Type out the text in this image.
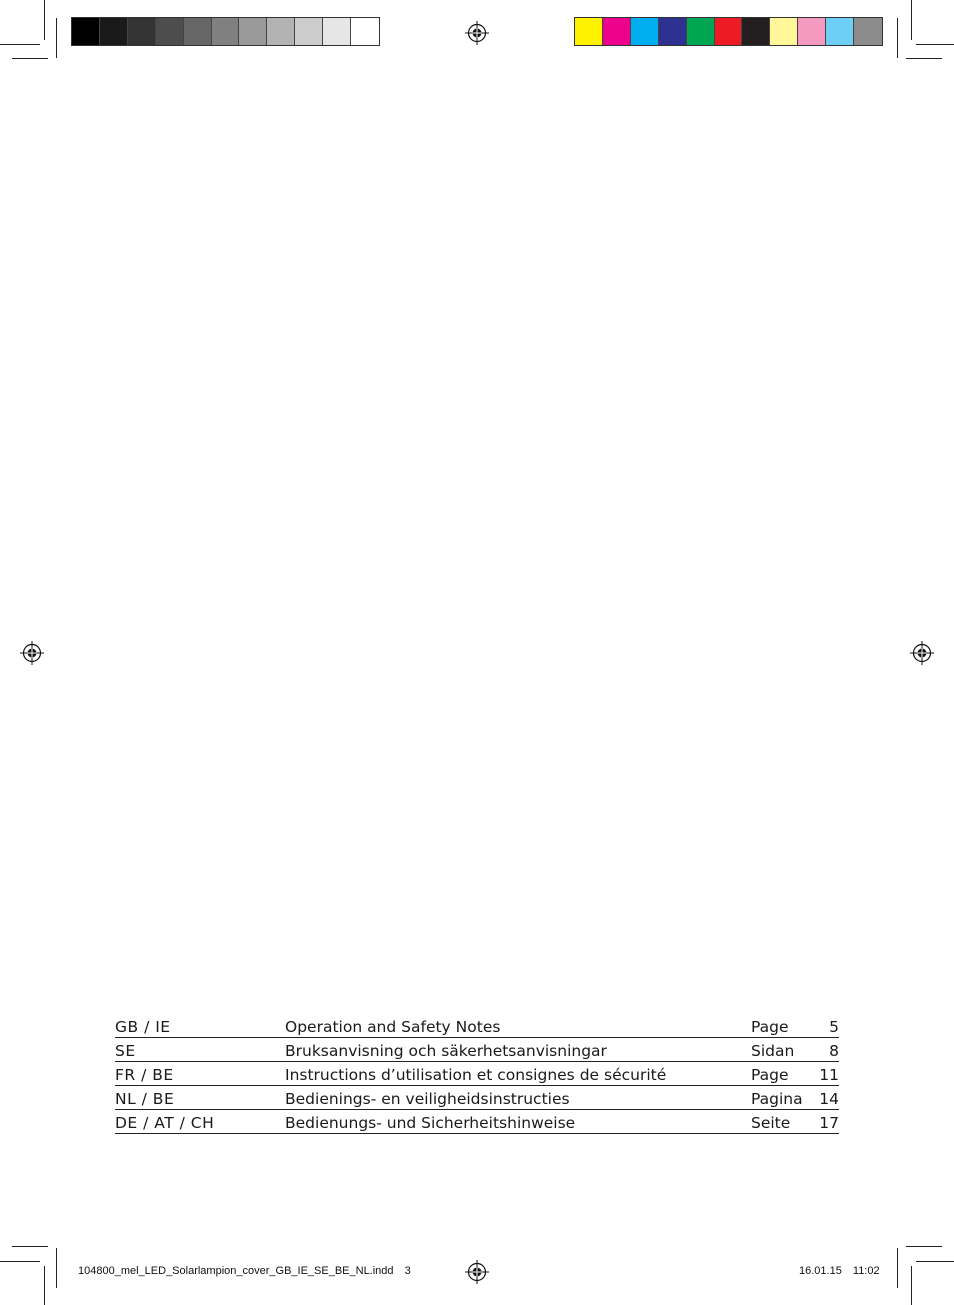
GB / IE	Operation and Safety Notes	Page	5
SE	Bruksanvisning och säkerhetsanvisningar	Sidan	8
FR / BE	Instructions d’utilisation et consignes de sécurité	Page	11
NL / BE	Bedienings- en veiligheidsinstructies	Pagina	14
DE / AT / CH	Bedienungs- und Sicherheitshinweise	Seite	17
104800_mel_LED_Solarlampion_cover_GB_IE_SE_BE_NL.indd 3	16.01.15 11:02
